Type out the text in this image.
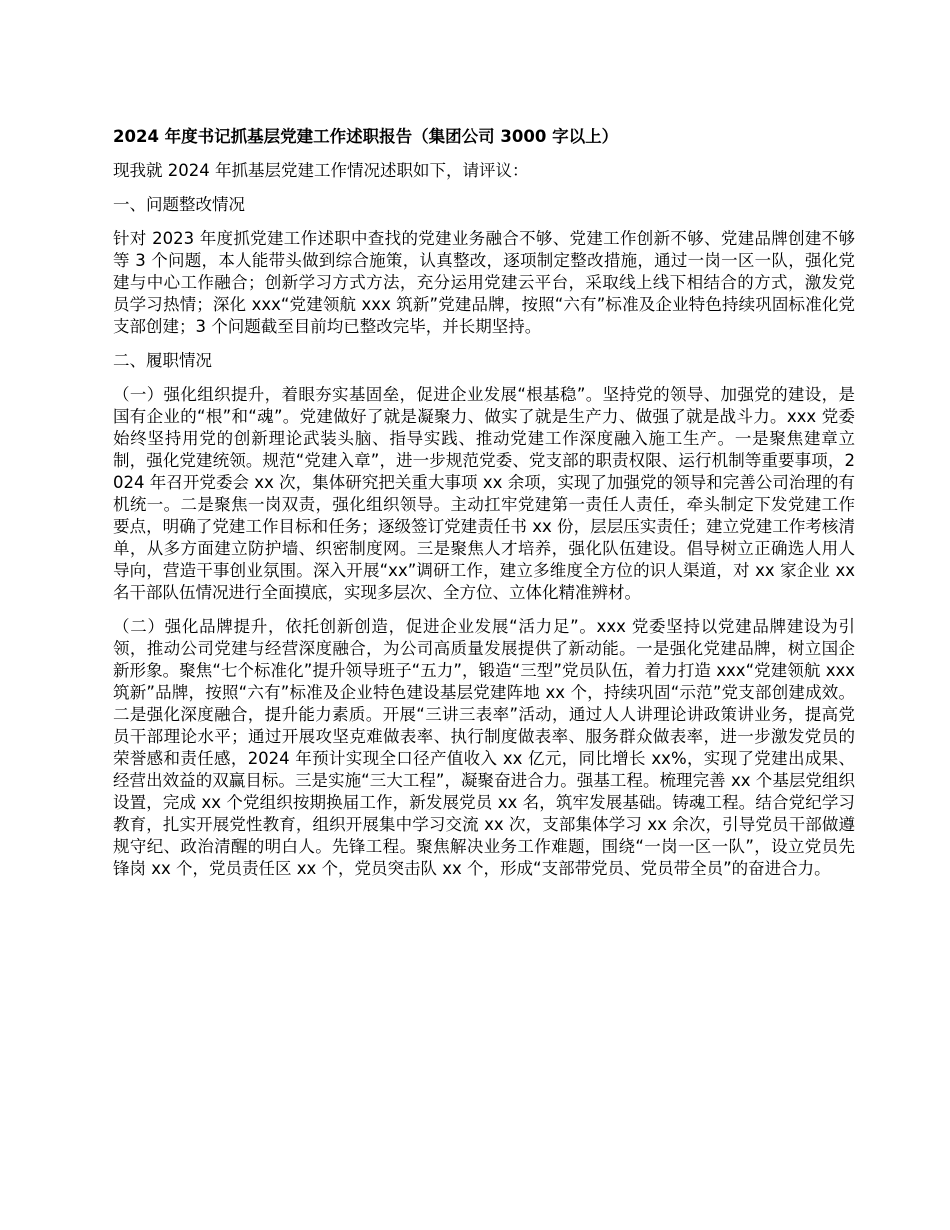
2024 年度书记抓基层党建工作述职报告（集团公司 3000 字以上）
现我就 2024 年抓基层党建工作情况述职如下，请评议：
一、问题整改情况
针对 2023 年度抓党建工作述职中查找的党建业务融合不够、党建工作创新不够、党建品牌创建不够等 3 个问题，本人能带头做到综合施策，认真整改，逐项制定整改措施，通过一岗一区一队，强化党建与中心工作融合；创新学习方式方法，充分运用党建云平台，采取线上线下相结合的方式，激发党员学习热情；深化 xxx“党建领航 xxx 筑新”党建品牌，按照“六有”标准及企业特色持续巩固标准化党支部创建；3 个问题截至目前均已整改完毕，并长期坚持。
二、履职情况
（一）强化组织提升，着眼夯实基固垒，促进企业发展“根基稳”。坚持党的领导、加强党的建设，是国有企业的“根”和“魂”。党建做好了就是凝聚力、做实了就是生产力、做强了就是战斗力。xxx 党委始终坚持用党的创新理论武装头脑、指导实践、推动党建工作深度融入施工生产。一是聚焦建章立制，强化党建统领。规范“党建入章”，进一步规范党委、党支部的职责权限、运行机制等重要事项，2024 年召开党委会 xx 次，集体研究把关重大事项 xx 余项，实现了加强党的领导和完善公司治理的有机统一。二是聚焦一岗双责，强化组织领导。主动扛牢党建第一责任人责任，牵头制定下发党建工作要点，明确了党建工作目标和任务；逐级签订党建责任书 xx 份，层层压实责任；建立党建工作考核清单，从多方面建立防护墙、织密制度网。三是聚焦人才培养，强化队伍建设。倡导树立正确选人用人导向，营造干事创业氛围。深入开展“xx”调研工作，建立多维度全方位的识人渠道，对 xx 家企业 xx 名干部队伍情况进行全面摸底，实现多层次、全方位、立体化精准辨材。
（二）强化品牌提升，依托创新创造，促进企业发展“活力足”。xxx 党委坚持以党建品牌建设为引领，推动公司党建与经营深度融合，为公司高质量发展提供了新动能。一是强化党建品牌，树立国企新形象。聚焦“七个标准化”提升领导班子“五力”，锻造“三型”党员队伍，着力打造 xxx“党建领航 xxx 筑新”品牌，按照“六有”标准及企业特色建设基层党建阵地 xx 个，持续巩固“示范”党支部创建成效。二是强化深度融合，提升能力素质。开展“三讲三表率”活动，通过人人讲理论讲政策讲业务，提高党员干部理论水平；通过开展攻坚克难做表率、执行制度做表率、服务群众做表率，进一步激发党员的荣誉感和责任感，2024 年预计实现全口径产值收入 xx 亿元，同比增长 xx%，实现了党建出成果、经营出效益的双赢目标。三是实施“三大工程”，凝聚奋进合力。强基工程。梳理完善 xx 个基层党组织设置，完成 xx 个党组织按期换届工作，新发展党员 xx 名，筑牢发展基础。铸魂工程。结合党纪学习教育，扎实开展党性教育，组织开展集中学习交流 xx 次，支部集体学习 xx 余次，引导党员干部做遵规守纪、政治清醒的明白人。先锋工程。聚焦解决业务工作难题，围绕“一岗一区一队”，设立党员先锋岗 xx 个，党员责任区 xx 个，党员突击队 xx 个，形成“支部带党员、党员带全员”的奋进合力。
